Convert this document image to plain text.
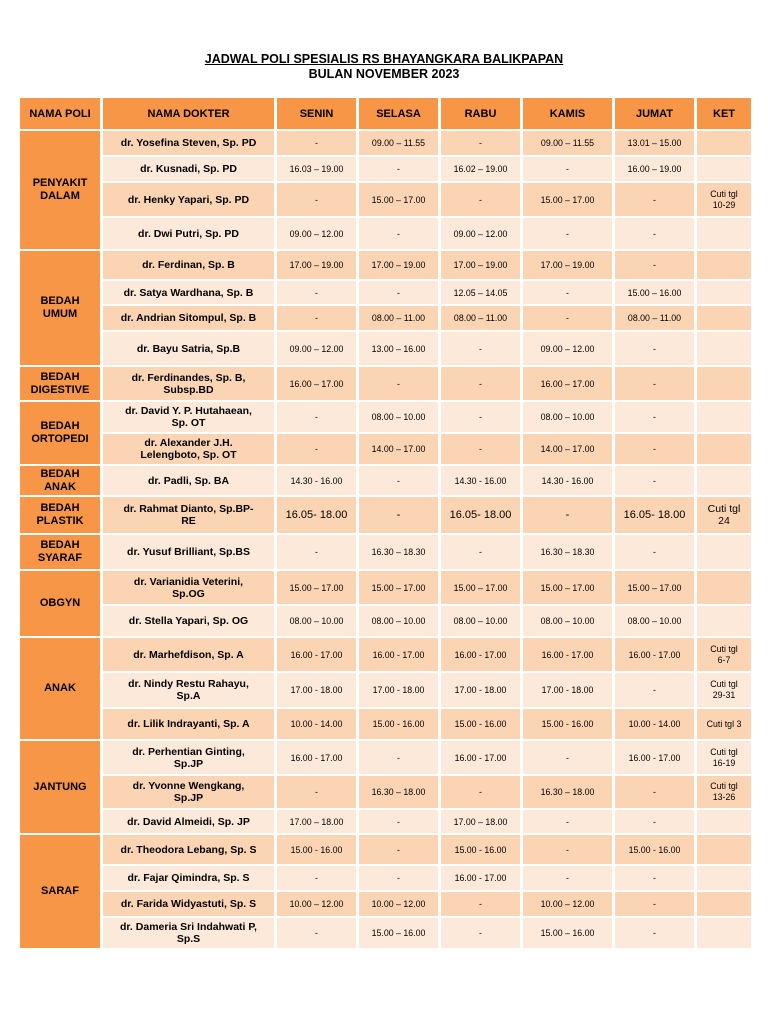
JADWAL POLI SPESIALIS RS BHAYANGKARA BALIKPAPAN
BULAN NOVEMBER 2023
NAMA POLI	NAMA DOKTER	SENIN	SELASA	RABU	KAMIS	JUMAT	KET
PENYAKIT
DALAM	dr. Yosefina Steven, Sp. PD	-	09.00 – 11.55	-	09.00 – 11.55	13.01 – 15.00	
	dr. Kusnadi, Sp. PD	16.03 – 19.00	-	16.02 – 19.00	-	16.00 – 19.00	
	dr. Henky Yapari, Sp. PD	-	15.00 – 17.00	-	15.00 – 17.00	-	Cuti tgl
10-29
	dr. Dwi Putri, Sp. PD	09.00 – 12.00	-	09.00 – 12.00	-	-	
BEDAH
UMUM	dr. Ferdinan, Sp. B	17.00 – 19.00	17.00 – 19.00	17.00 – 19.00	17.00 – 19.00	-	
	dr. Satya Wardhana, Sp. B	-	-	12.05 – 14.05	-	15.00 – 16.00	
	dr. Andrian Sitompul, Sp. B	-	08.00 – 11.00	08.00 – 11.00	-	08.00 – 11.00	
	dr. Bayu Satria, Sp.B	09.00 – 12.00	13.00 – 16.00	-	09.00 – 12.00	-	
BEDAH
DIGESTIVE	dr. Ferdinandes, Sp. B,
Subsp.BD	16.00 – 17.00	-	-	16.00 – 17.00	-	
BEDAH
ORTOPEDI	dr. David Y. P. Hutahaean,
Sp. OT	-	08.00 – 10.00	-	08.00 – 10.00	-	
	dr. Alexander J.H.
Lelengboto, Sp. OT	-	14.00 – 17.00	-	14.00 – 17.00	-	
BEDAH
ANAK	dr. Padli, Sp. BA	14.30 - 16.00	-	14.30 - 16.00	14.30 - 16.00	-	
BEDAH
PLASTIK	dr. Rahmat Dianto, Sp.BP-
RE	16.05- 18.00	-	16.05- 18.00	-	16.05- 18.00	Cuti tgl
24
BEDAH
SYARAF	dr. Yusuf Brilliant, Sp.BS	-	16.30 – 18.30	-	16.30 – 18.30	-	
OBGYN	dr. Varianidia Veterini,
Sp.OG	15.00 – 17.00	15.00 – 17.00	15.00 – 17.00	15.00 – 17.00	15.00 – 17.00	
	dr. Stella Yapari, Sp. OG	08.00 – 10.00	08.00 – 10.00	08.00 – 10.00	08.00 – 10.00	08.00 – 10.00	
ANAK	dr. Marhefdison, Sp. A	16.00 - 17.00	16.00 - 17.00	16.00 - 17.00	16.00 - 17.00	16.00 - 17.00	Cuti tgl
6-7
	dr. Nindy Restu Rahayu,
Sp.A	17.00 - 18.00	17.00 - 18.00	17.00 - 18.00	17.00 - 18.00	-	Cuti tgl
29-31
	dr. Lilik Indrayanti, Sp. A	10.00 - 14.00	15.00 - 16.00	15.00 - 16.00	15.00 - 16.00	10.00 - 14.00	Cuti tgl 3
JANTUNG	dr. Perhentian Ginting,
Sp.JP	16.00 - 17.00	-	16.00 - 17.00	-	16.00 - 17.00	Cuti tgl
16-19
	dr. Yvonne Wengkang,
Sp.JP	-	16.30 – 18.00	-	16.30 – 18.00	-	Cuti tgl
13-26
	dr. David Almeidi, Sp. JP	17.00 – 18.00	-	17.00 – 18.00	-	-	
SARAF	dr. Theodora Lebang, Sp. S	15.00 - 16.00	-	15.00 - 16.00	-	15.00 - 16.00	
	dr. Fajar Qimindra, Sp. S	-	-	16.00 - 17.00	-	-	
	dr. Farida Widyastuti, Sp. S	10.00 – 12.00	10.00 – 12.00	-	10.00 – 12.00	-	
	dr. Dameria Sri Indahwati P,
Sp.S	-	15.00 – 16.00	-	15.00 – 16.00	-	
